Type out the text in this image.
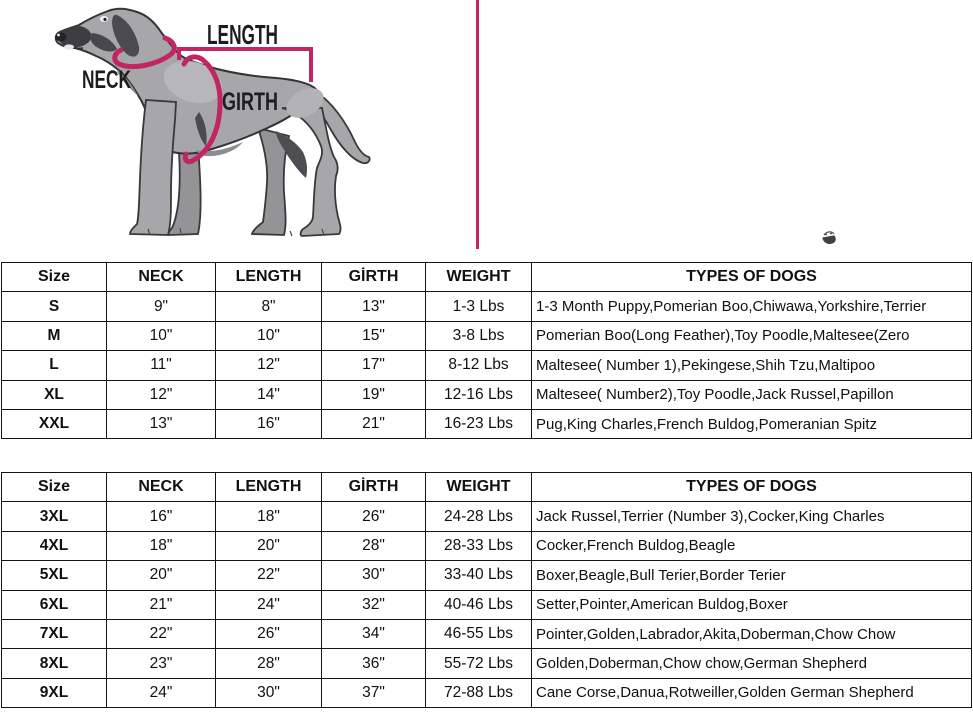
LENGTH
NECK
GIRTH
Size	NECK	LENGTH	GİRTH	WEIGHT	TYPES OF DOGS
S	9"	8"	13"	1-3 Lbs	1-3 Month Puppy,Pomerian Boo,Chiwawa,Yorkshire,Terrier
M	10"	10"	15"	3-8 Lbs	Pomerian Boo(Long Feather),Toy Poodle,Maltesee(Zero
L	11"	12"	17"	8-12 Lbs	Maltesee( Number 1),Pekingese,Shih Tzu,Maltipoo
XL	12"	14"	19"	12-16 Lbs	Maltesee( Number2),Toy Poodle,Jack Russel,Papillon
XXL	13"	16"	21"	16-23 Lbs	Pug,King Charles,French Buldog,Pomeranian Spitz
Size	NECK	LENGTH	GİRTH	WEIGHT	TYPES OF DOGS
3XL	16"	18"	26"	24-28 Lbs	Jack Russel,Terrier (Number 3),Cocker,King Charles
4XL	18"	20"	28"	28-33 Lbs	Cocker,French Buldog,Beagle
5XL	20"	22"	30"	33-40 Lbs	Boxer,Beagle,Bull Terier,Border Terier
6XL	21"	24"	32"	40-46 Lbs	Setter,Pointer,American Buldog,Boxer
7XL	22"	26"	34"	46-55 Lbs	Pointer,Golden,Labrador,Akita,Doberman,Chow Chow
8XL	23"	28"	36"	55-72 Lbs	Golden,Doberman,Chow chow,German Shepherd
9XL	24"	30"	37"	72-88 Lbs	Cane Corse,Danua,Rotweiller,Golden German Shepherd
